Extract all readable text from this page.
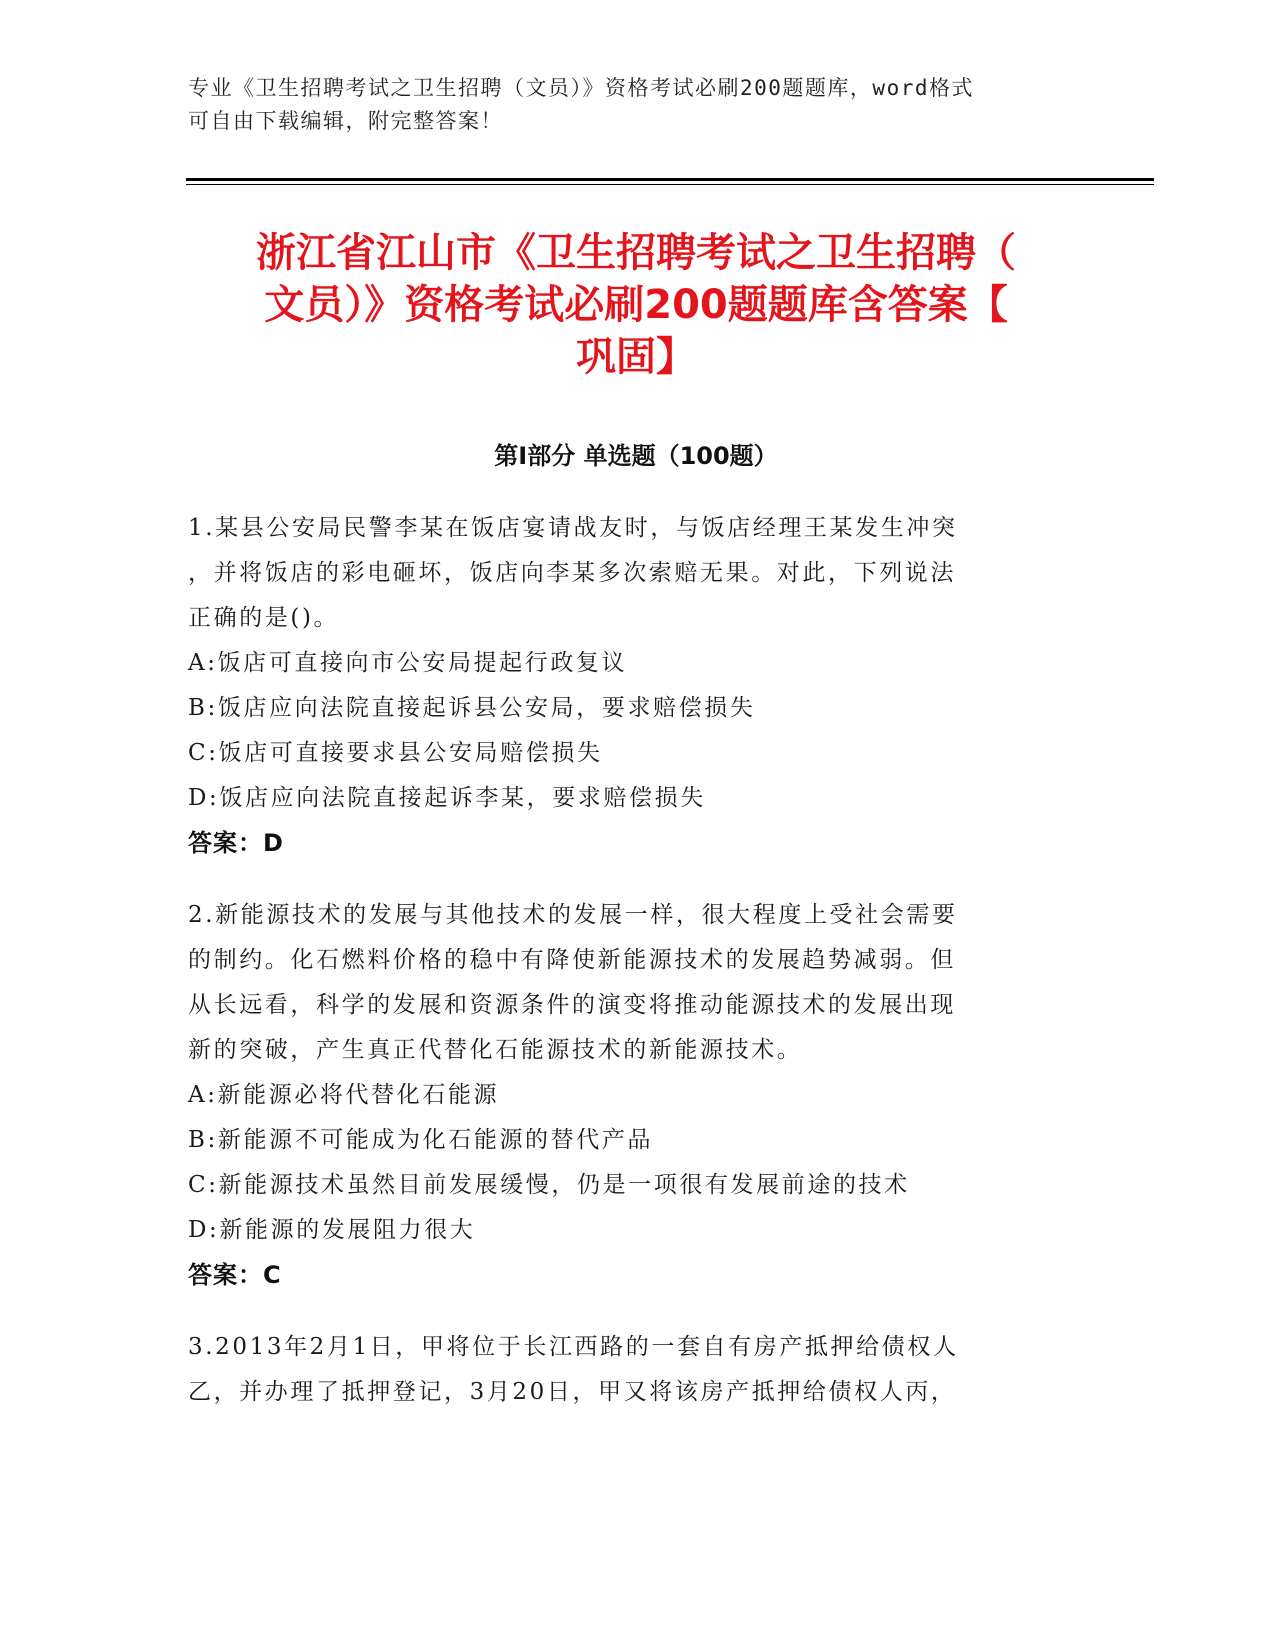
专业《卫生招聘考试之卫生招聘（文员）》资格考试必刷200题题库，word格式
可自由下载编辑，附完整答案！
浙江省江山市《卫生招聘考试之卫生招聘（
文员）》资格考试必刷200题题库含答案【
巩固】
第Ⅰ部分 单选题（100题）
1.某县公安局民警李某在饭店宴请战友时，与饭店经理王某发生冲突
，并将饭店的彩电砸坏，饭店向李某多次索赔无果。对此，下列说法
正确的是()。
A:饭店可直接向市公安局提起行政复议
B:饭店应向法院直接起诉县公安局，要求赔偿损失
C:饭店可直接要求县公安局赔偿损失
D:饭店应向法院直接起诉李某，要求赔偿损失
答案：D
2.新能源技术的发展与其他技术的发展一样，很大程度上受社会需要
的制约。化石燃料价格的稳中有降使新能源技术的发展趋势减弱。但
从长远看，科学的发展和资源条件的演变将推动能源技术的发展出现
新的突破，产生真正代替化石能源技术的新能源技术。
A:新能源必将代替化石能源
B:新能源不可能成为化石能源的替代产品
C:新能源技术虽然目前发展缓慢，仍是一项很有发展前途的技术
D:新能源的发展阻力很大
答案：C
3.2013年2月1日，甲将位于长江西路的一套自有房产抵押给债权人
乙，并办理了抵押登记，3月20日，甲又将该房产抵押给债权人丙，
